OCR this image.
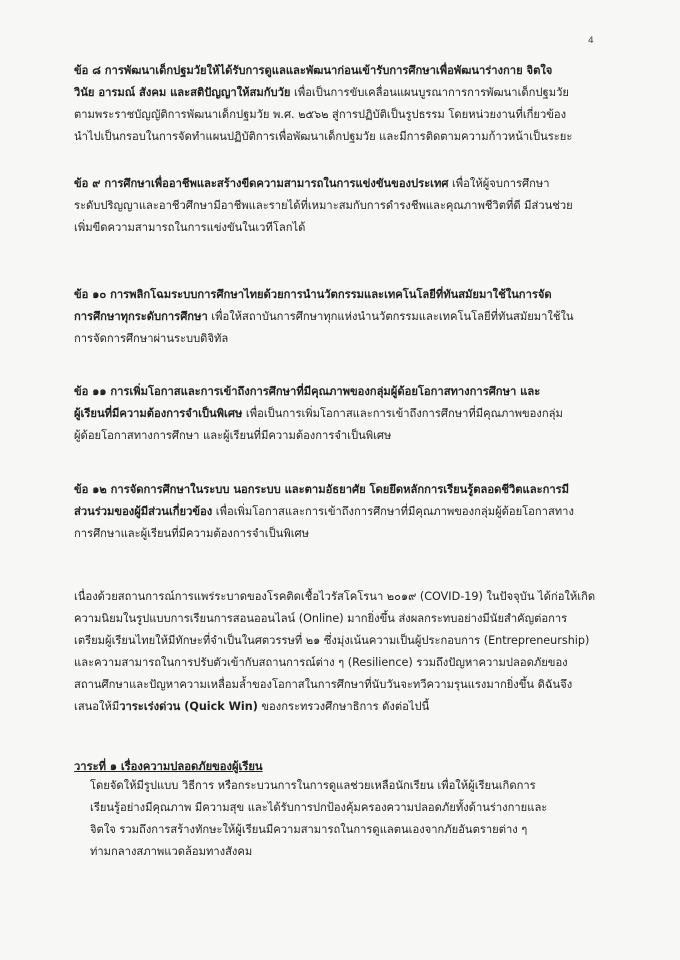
4
ข้อ ๘ การพัฒนาเด็กปฐมวัยให้ได้รับการดูแลและพัฒนาก่อนเข้ารับการศึกษาเพื่อพัฒนาร่างกาย จิตใจ
วินัย อารมณ์ สังคม และสติปัญญาให้สมกับวัย เพื่อเป็นการขับเคลื่อนแผนบูรณาการการพัฒนาเด็กปฐมวัย
ตามพระราชบัญญัติการพัฒนาเด็กปฐมวัย พ.ศ. ๒๕๖๒ สู่การปฏิบัติเป็นรูปธรรม โดยหน่วยงานที่เกี่ยวข้อง
นำไปเป็นกรอบในการจัดทำแผนปฏิบัติการเพื่อพัฒนาเด็กปฐมวัย และมีการติดตามความก้าวหน้าเป็นระยะ
ข้อ ๙ การศึกษาเพื่ออาชีพและสร้างขีดความสามารถในการแข่งขันของประเทศ เพื่อให้ผู้จบการศึกษา
ระดับปริญญาและอาชีวศึกษามีอาชีพและรายได้ที่เหมาะสมกับการดำรงชีพและคุณภาพชีวิตที่ดี มีส่วนช่วย
เพิ่มขีดความสามารถในการแข่งขันในเวทีโลกได้
ข้อ ๑๐ การพลิกโฉมระบบการศึกษาไทยด้วยการนำนวัตกรรมและเทคโนโลยีที่ทันสมัยมาใช้ในการจัด
การศึกษาทุกระดับการศึกษา เพื่อให้สถาบันการศึกษาทุกแห่งนำนวัตกรรมและเทคโนโลยีที่ทันสมัยมาใช้ใน
การจัดการศึกษาผ่านระบบดิจิทัล
ข้อ ๑๑ การเพิ่มโอกาสและการเข้าถึงการศึกษาที่มีคุณภาพของกลุ่มผู้ด้อยโอกาสทางการศึกษา และ
ผู้เรียนที่มีความต้องการจำเป็นพิเศษ เพื่อเป็นการเพิ่มโอกาสและการเข้าถึงการศึกษาที่มีคุณภาพของกลุ่ม
ผู้ด้อยโอกาสทางการศึกษา และผู้เรียนที่มีความต้องการจำเป็นพิเศษ
ข้อ ๑๒ การจัดการศึกษาในระบบ นอกระบบ และตามอัธยาศัย โดยยึดหลักการเรียนรู้ตลอดชีวิตและการมี
ส่วนร่วมของผู้มีส่วนเกี่ยวข้อง เพื่อเพิ่มโอกาสและการเข้าถึงการศึกษาที่มีคุณภาพของกลุ่มผู้ด้อยโอกาสทาง
การศึกษาและผู้เรียนที่มีความต้องการจำเป็นพิเศษ
เนื่องด้วยสถานการณ์การแพร่ระบาดของโรคติดเชื้อไวรัสโคโรนา ๒๐๑๙ (COVID-19) ในปัจจุบัน ได้ก่อให้เกิด
ความนิยมในรูปแบบการเรียนการสอนออนไลน์ (Online) มากยิ่งขึ้น ส่งผลกระทบอย่างมีนัยสำคัญต่อการ
เตรียมผู้เรียนไทยให้มีทักษะที่จำเป็นในศตวรรษที่ ๒๑ ซึ่งมุ่งเน้นความเป็นผู้ประกอบการ (Entrepreneurship)
และความสามารถในการปรับตัวเข้ากับสถานการณ์ต่าง ๆ (Resilience) รวมถึงปัญหาความปลอดภัยของ
สถานศึกษาและปัญหาความเหลื่อมล้ำของโอกาสในการศึกษาที่นับวันจะทวีความรุนแรงมากยิ่งขึ้น ดิฉันจึง
เสนอให้มีวาระเร่งด่วน (Quick Win) ของกระทรวงศึกษาธิการ ดังต่อไปนี้
วาระที่ ๑ เรื่องความปลอดภัยของผู้เรียน
โดยจัดให้มีรูปแบบ วิธีการ หรือกระบวนการในการดูแลช่วยเหลือนักเรียน เพื่อให้ผู้เรียนเกิดการ
เรียนรู้อย่างมีคุณภาพ มีความสุข และได้รับการปกป้องคุ้มครองความปลอดภัยทั้งด้านร่างกายและ
จิตใจ รวมถึงการสร้างทักษะให้ผู้เรียนมีความสามารถในการดูแลตนเองจากภัยอันตรายต่าง ๆ
ท่ามกลางสภาพแวดล้อมทางสังคม
